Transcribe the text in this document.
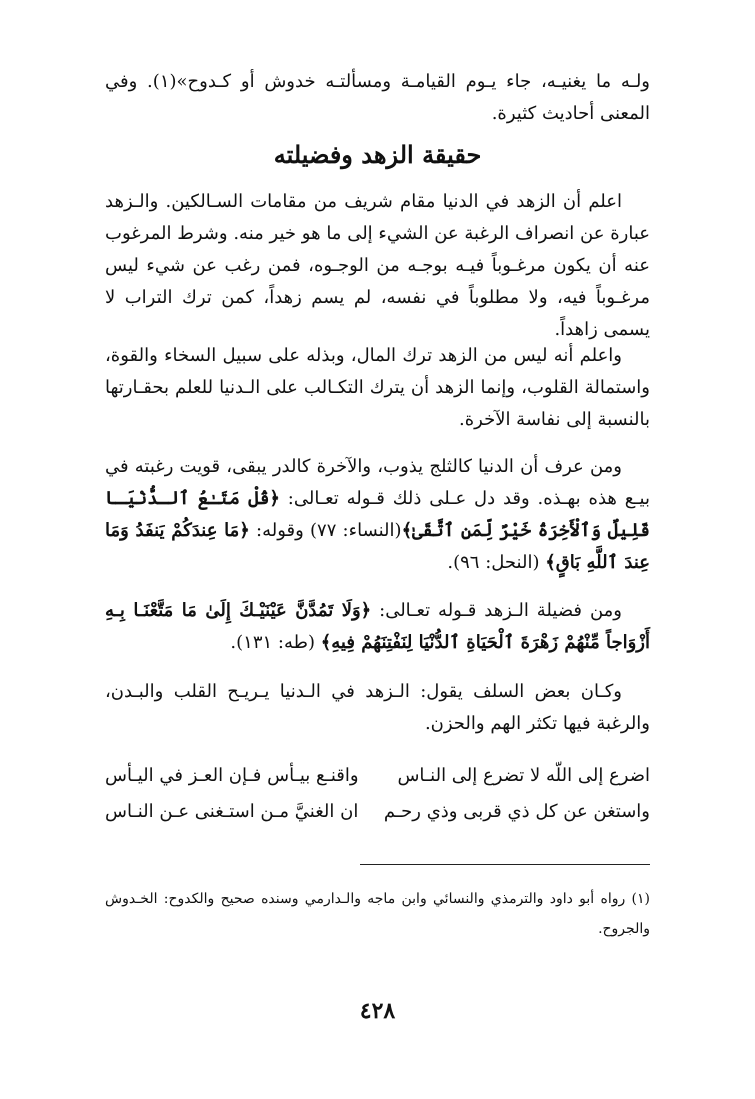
ولـه ما يغنيـه، جاء يـوم القيامـة ومسألتـه خدوش أو كـدوح»(١). وفي المعنى أحاديث كثيرة.

حقيقة الزهد وفضيلته

اعلم أن الزهد في الدنيا مقام شريف من مقامات السـالكين. والـزهد عبارة عن انصراف الرغبة عن الشيء إلى ما هو خير منه. وشرط المرغوب عنه أن يكون مرغـوباً فيـه بوجـه من الوجـوه، فمن رغب عن شيء ليس مرغـوباً فيه، ولا مطلوباً في نفسه، لم يسم زهداً، كمن ترك التراب لا يسمى زاهداً.

واعلم أنه ليس من الزهد ترك المال، وبذله على سبيل السخاء والقوة، واستمالة القلوب، وإنما الزهد أن يترك التكـالب على الـدنيا للعلم بحقـارتها بالنسبة إلى نفاسة الآخرة.

ومن عرف أن الدنيا كالثلج يذوب، والآخرة كالدر يبقى، قويت رغبته في بيـع هذه بهـذه. وقد دل عـلى ذلك قـوله تعـالى: ﴿قُلْ مَتَـٰعُ ٱلـدُّنْيَـا قَلِيلٌ وَٱلْأَخِرَةُ خَيْرٌ لِّمَنِ ٱتَّقَىٰ﴾(النساء: ٧٧) وقوله: ﴿مَا عِندَكُمْ يَنفَدُ وَمَا عِندَ ٱللَّهِ بَاقٍ﴾ (النحل: ٩٦).

ومن فضيلة الـزهد قـوله تعـالى: ﴿وَلَا تَمُدَّنَّ عَيْنَيْـكَ إِلَىٰ مَا مَتَّعْنَـا بِـهِ أَزْوَاجاً مِّنْهُمْ زَهْرَةَ ٱلْحَيَاةِ ٱلدُّنْيَا لِنَفْتِنَهُمْ فِيهِ﴾ (طه: ١٣١).

وكـان بعض السلف يقول: الـزهد في الـدنيا يـريـح القلب والبـدن، والرغبة فيها تكثر الهم والحزن.

اضرع إلى اللّه لا تضرع إلى النـاس
واقنـع بيـأس فـإن العـز في اليـأس
واستغن عن كل ذي قربى وذي رحـم
ان الغنيَّ مـن استـغنى عـن النـاس

(١) رواه أبو داود والترمذي والنسائي وابن ماجه والـدارمي وسنده صحيح والكدوح: الخـدوش والجروح.

٤٢٨
